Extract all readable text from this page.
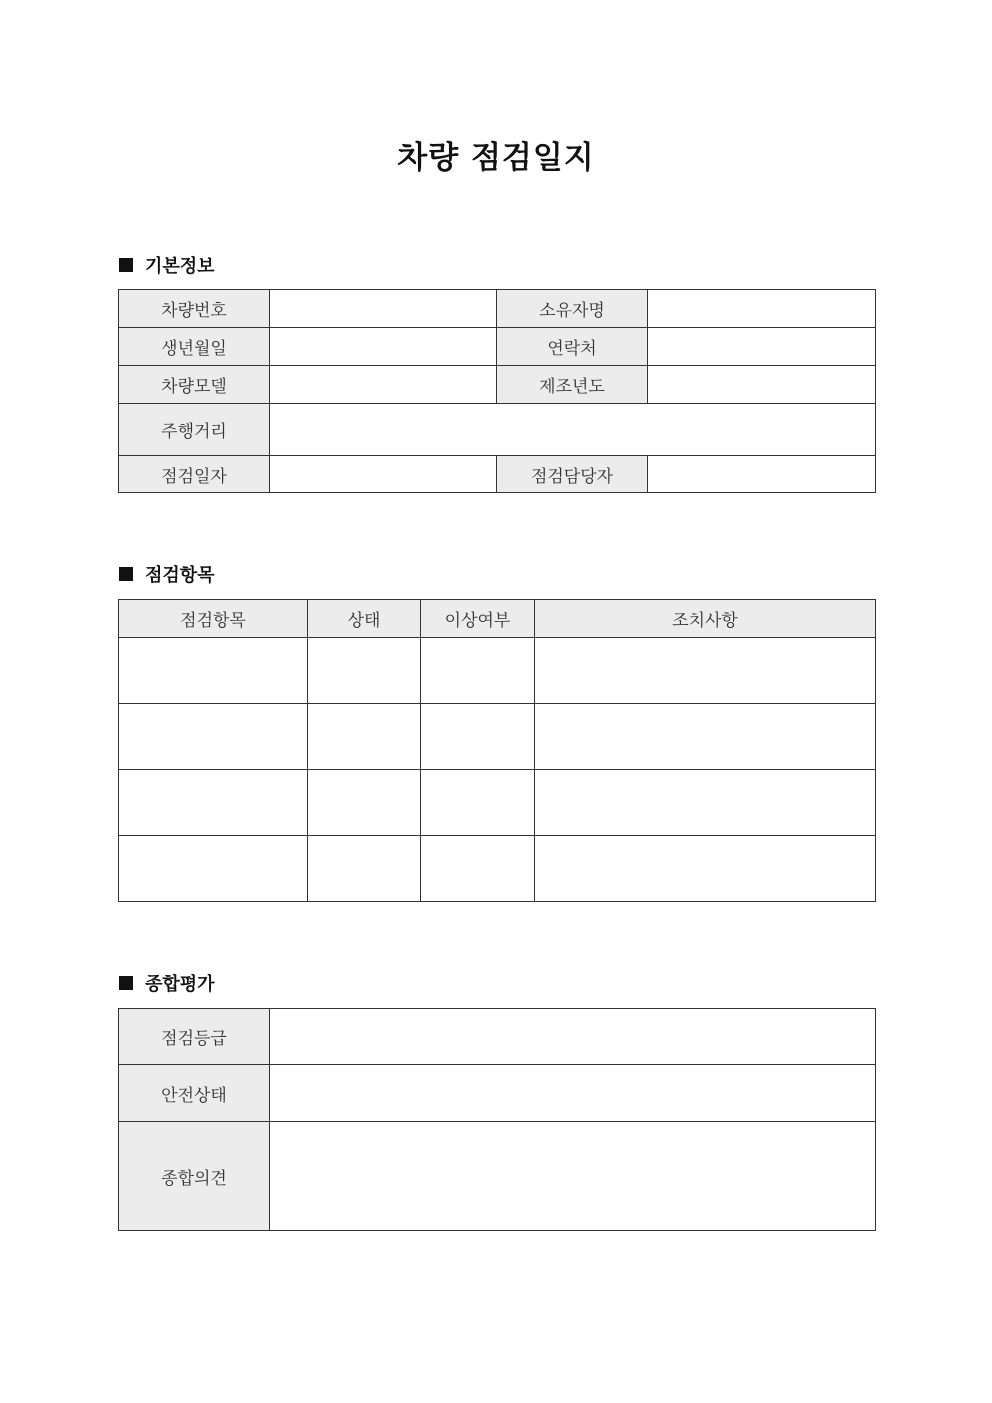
차량 점검일지
기본정보
차량번호		소유자명	
생년월일		연락처	
차량모델		제조년도	
주행거리			
점검일자		점검담당자	
점검항목
점검항목	상태	이상여부	조치사항

종합평가
점검등급	
안전상태	
종합의견	
